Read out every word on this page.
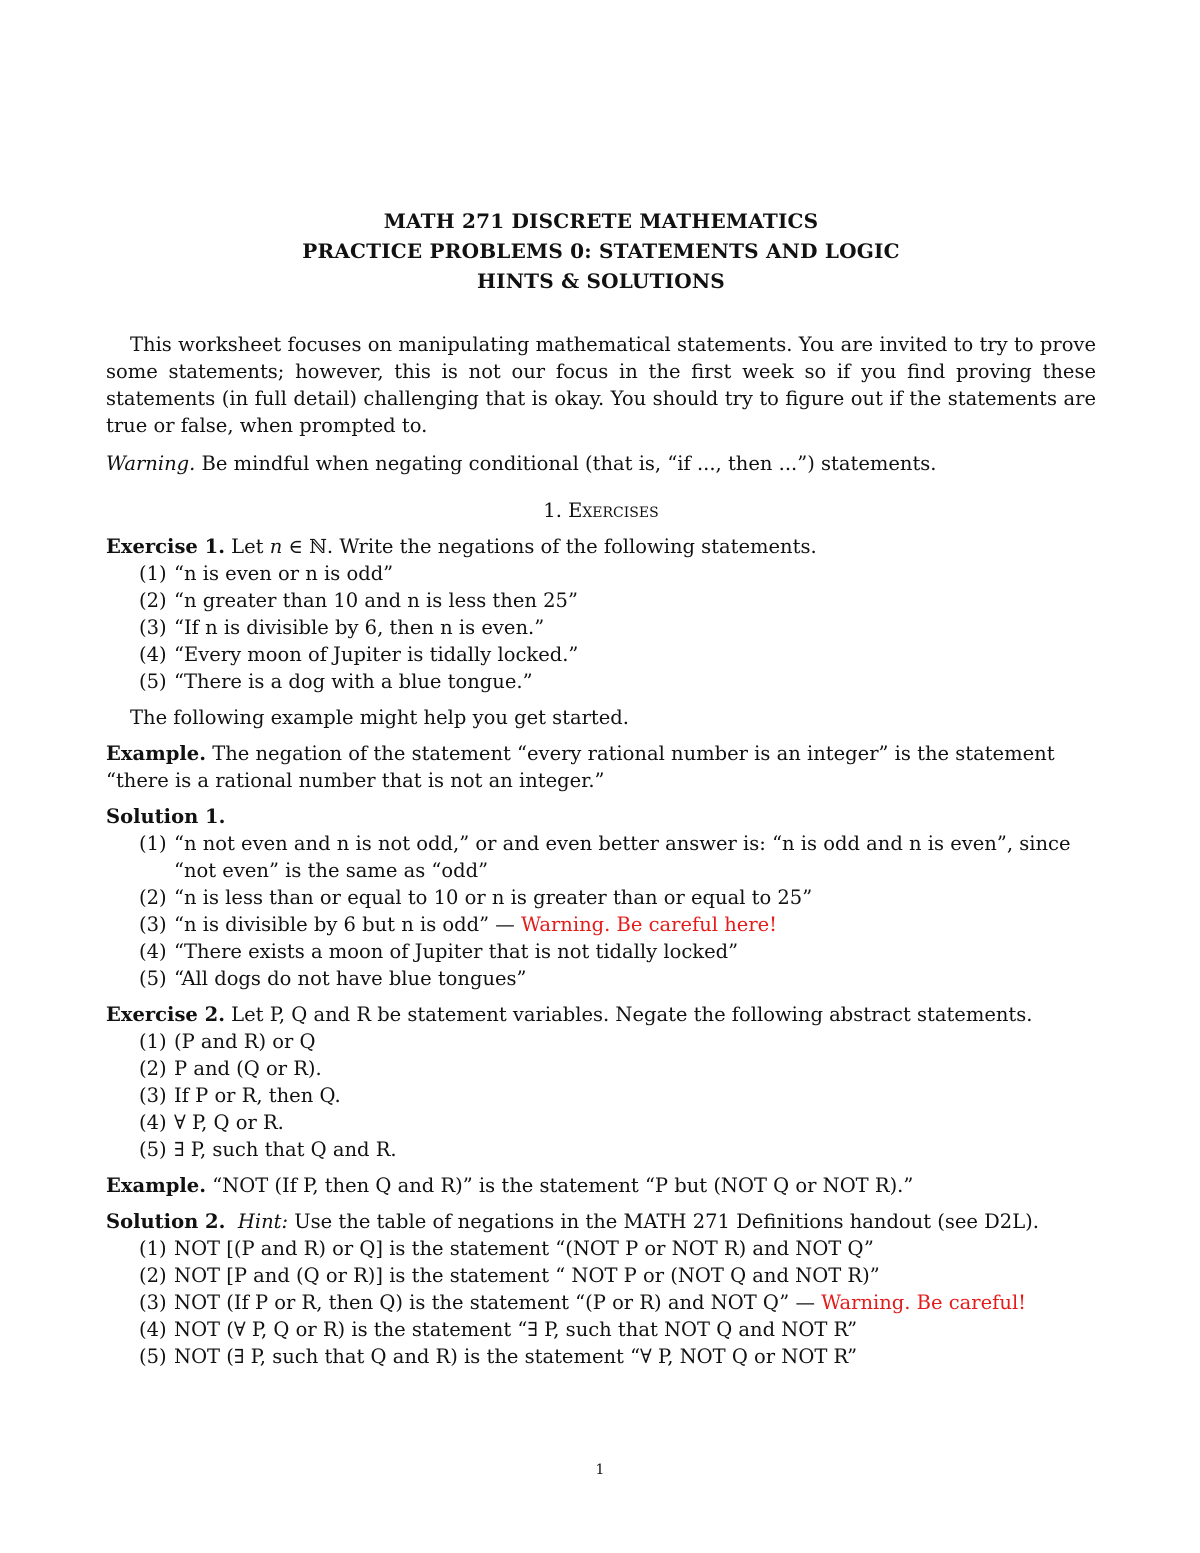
MATH 271 DISCRETE MATHEMATICS
PRACTICE PROBLEMS 0: STATEMENTS AND LOGIC
HINTS & SOLUTIONS
This worksheet focuses on manipulating mathematical statements. You are invited to try to prove some statements; however, this is not our focus in the first week so if you find proving these statements (in full detail) challenging that is okay. You should try to figure out if the statements are true or false, when prompted to.
Warning. Be mindful when negating conditional (that is, “if ..., then ...”) statements.
1. Exercises
Exercise 1. Let n ∈ ℕ. Write the negations of the following statements.
(1) “n is even or n is odd”
(2) “n greater than 10 and n is less then 25”
(3) “If n is divisible by 6, then n is even.”
(4) “Every moon of Jupiter is tidally locked.”
(5) “There is a dog with a blue tongue.”
The following example might help you get started.
Example. The negation of the statement “every rational number is an integer” is the statement “there is a rational number that is not an integer.”
Solution 1.
(1) “n not even and n is not odd,” or and even better answer is: “n is odd and n is even”, since “not even” is the same as “odd”
(2) “n is less than or equal to 10 or n is greater than or equal to 25”
(3) “n is divisible by 6 but n is odd” — Warning. Be careful here!
(4) “There exists a moon of Jupiter that is not tidally locked”
(5) “All dogs do not have blue tongues”
Exercise 2. Let P, Q and R be statement variables. Negate the following abstract statements.
(1) (P and R) or Q
(2) P and (Q or R).
(3) If P or R, then Q.
(4) ∀ P, Q or R.
(5) ∃ P, such that Q and R.
Example. “NOT (If P, then Q and R)” is the statement “P but (NOT Q or NOT R).”
Solution 2. Hint: Use the table of negations in the MATH 271 Definitions handout (see D2L).
(1) NOT [(P and R) or Q] is the statement “(NOT P or NOT R) and NOT Q”
(2) NOT [P and (Q or R)] is the statement “ NOT P or (NOT Q and NOT R)”
(3) NOT (If P or R, then Q) is the statement “(P or R) and NOT Q” — Warning. Be careful!
(4) NOT (∀ P, Q or R) is the statement “∃ P, such that NOT Q and NOT R”
(5) NOT (∃ P, such that Q and R) is the statement “∀ P, NOT Q or NOT R”
1
